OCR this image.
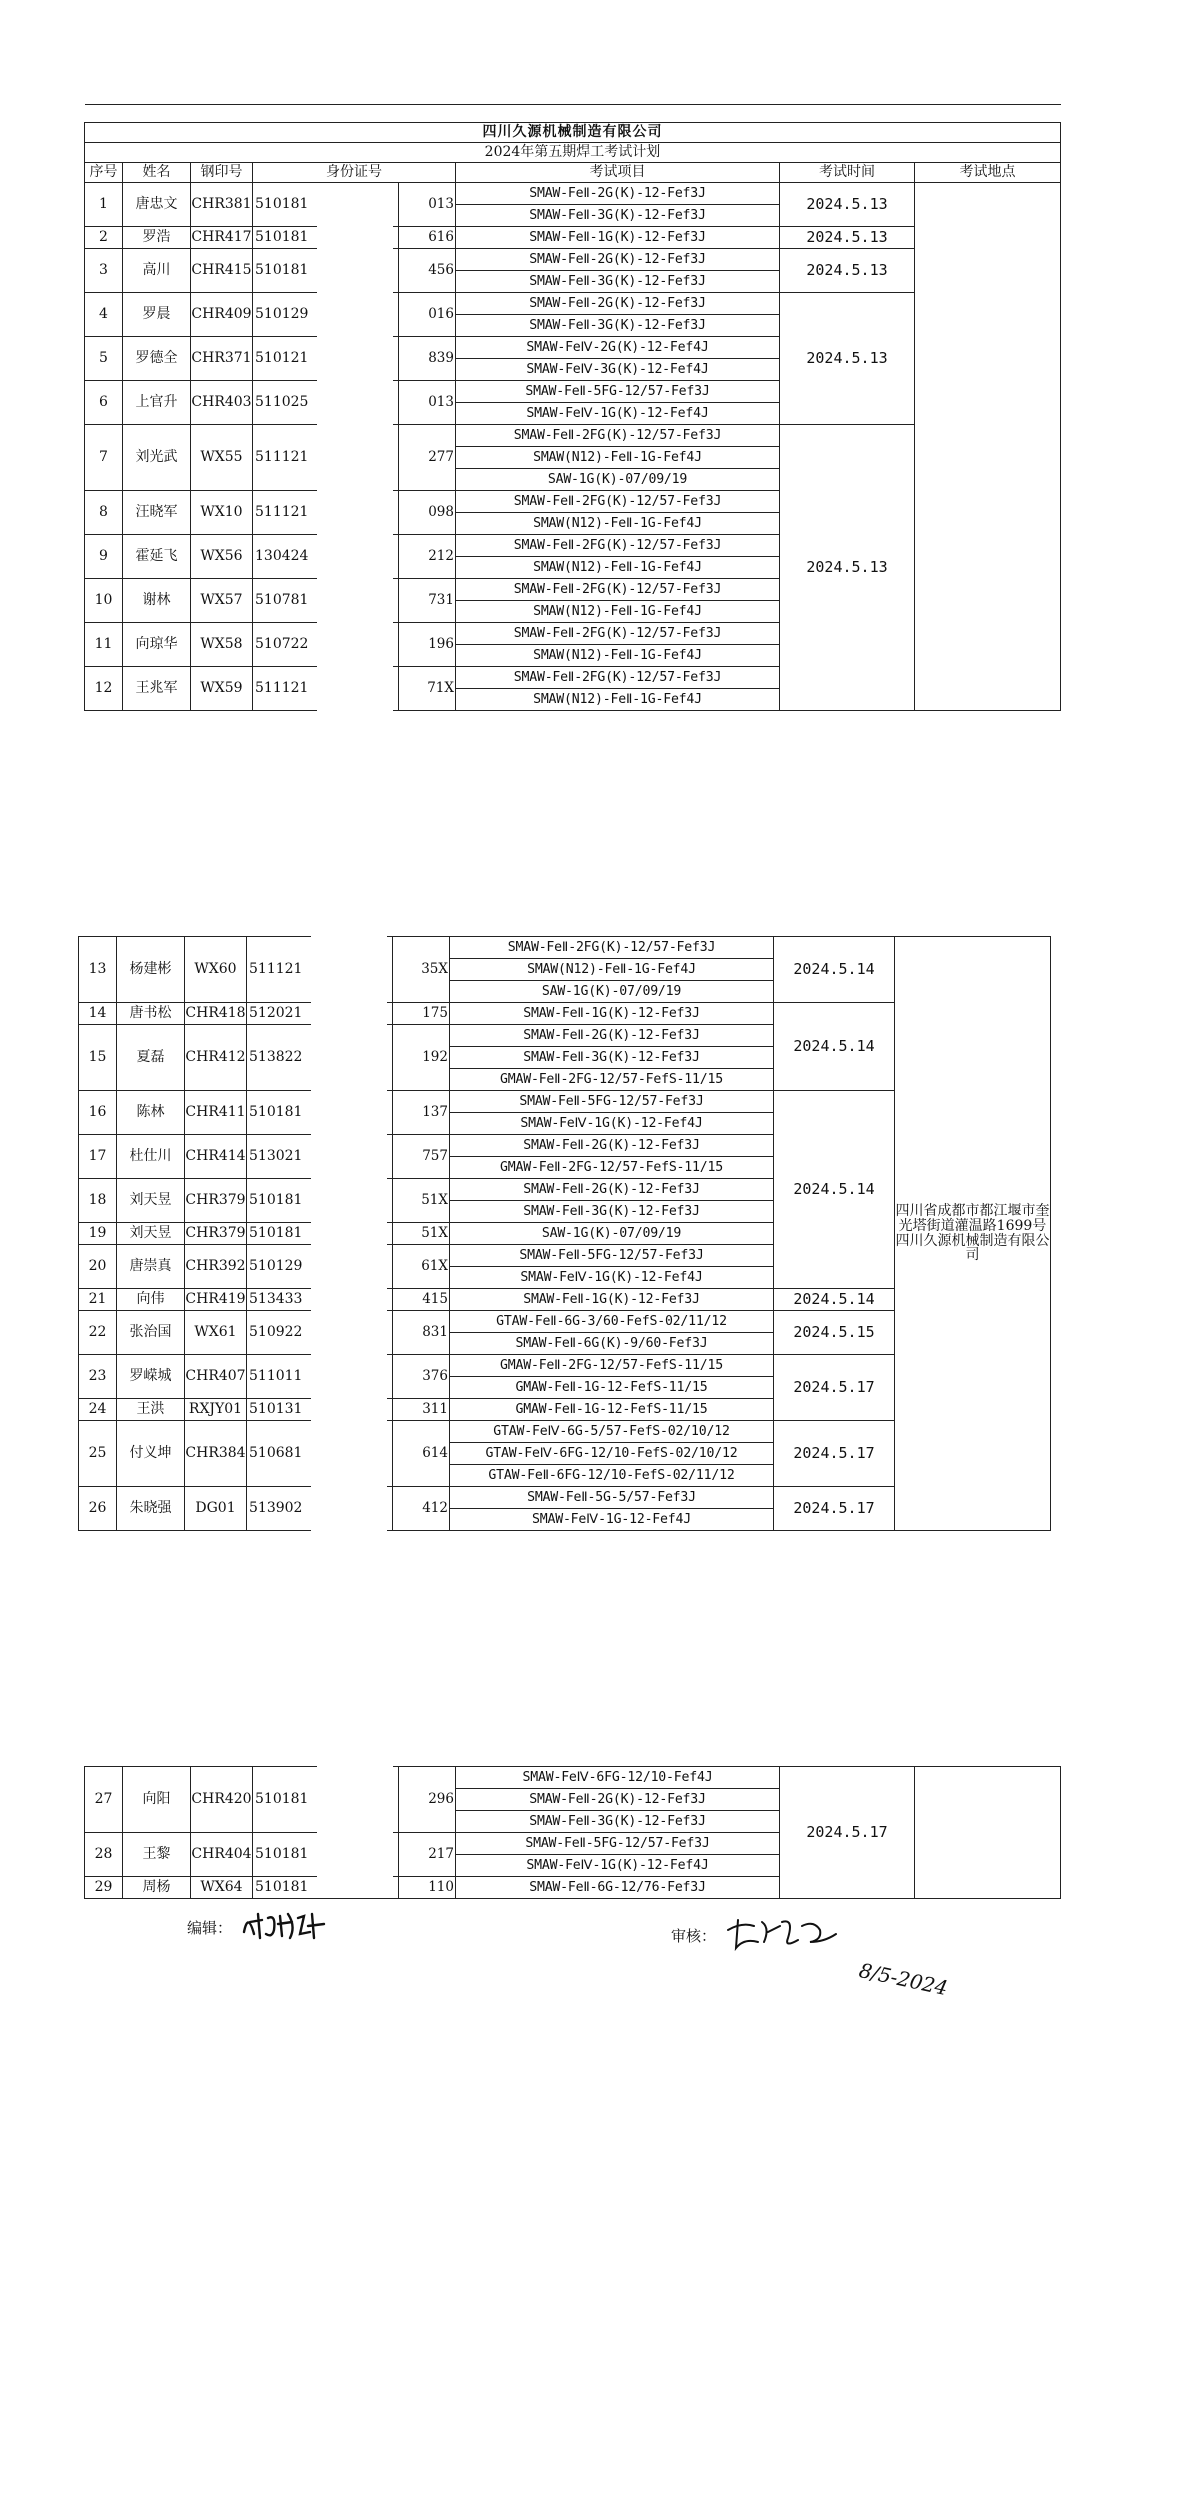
四川久源机械制造有限公司								
2024年第五期焊工考试计划								
序号	姓名	钢印号	身份证号		考试项目	考试时间	考试地点	
1	唐忠文	CHR381	510181	013	SMAW-FeⅡ-2G(K)-12-Fef3J	2024.5.13		
					SMAW-FeⅡ-3G(K)-12-Fef3J			
2	罗浩	CHR417	510181	616	SMAW-FeⅡ-1G(K)-12-Fef3J	2024.5.13		
3	高川	CHR415	510181	456	SMAW-FeⅡ-2G(K)-12-Fef3J	2024.5.13		
					SMAW-FeⅡ-3G(K)-12-Fef3J			
4	罗晨	CHR409	510129	016	SMAW-FeⅡ-2G(K)-12-Fef3J	2024.5.13		
					SMAW-FeⅡ-3G(K)-12-Fef3J			
5	罗德全	CHR371	510121	839	SMAW-FeⅣ-2G(K)-12-Fef4J			
					SMAW-FeⅣ-3G(K)-12-Fef4J			
6	上官升	CHR403	511025	013	SMAW-FeⅡ-5FG-12/57-Fef3J			
					SMAW-FeⅣ-1G(K)-12-Fef4J			
7	刘光武	WX55	511121	277	SMAW-FeⅡ-2FG(K)-12/57-Fef3J	2024.5.13		
					SMAW(N12)-FeⅡ-1G-Fef4J			
					SAW-1G(K)-07/09/19			
8	汪晓军	WX10	511121	098	SMAW-FeⅡ-2FG(K)-12/57-Fef3J			
					SMAW(N12)-FeⅡ-1G-Fef4J			
9	霍延飞	WX56	130424	212	SMAW-FeⅡ-2FG(K)-12/57-Fef3J			
					SMAW(N12)-FeⅡ-1G-Fef4J			
10	谢林	WX57	510781	731	SMAW-FeⅡ-2FG(K)-12/57-Fef3J			
					SMAW(N12)-FeⅡ-1G-Fef4J			
11	向琼华	WX58	510722	196	SMAW-FeⅡ-2FG(K)-12/57-Fef3J			
					SMAW(N12)-FeⅡ-1G-Fef4J			
12	王兆军	WX59	511121	71X	SMAW-FeⅡ-2FG(K)-12/57-Fef3J			
					SMAW(N12)-FeⅡ-1G-Fef4J			
13	杨建彬	WX60	511121	35X	SMAW-FeⅡ-2FG(K)-12/57-Fef3J	2024.5.14	四川省成都市都江堰市奎光塔街道灌温路1699号 四川久源机械制造有限公司
					SMAW(N12)-FeⅡ-1G-Fef4J		
					SAW-1G(K)-07/09/19		
14	唐书松	CHR418	512021	175	SMAW-FeⅡ-1G(K)-12-Fef3J	2024.5.14	
15	夏磊	CHR412	513822	192	SMAW-FeⅡ-2G(K)-12-Fef3J		
					SMAW-FeⅡ-3G(K)-12-Fef3J		
					GMAW-FeⅡ-2FG-12/57-FefS-11/15		
16	陈林	CHR411	510181	137	SMAW-FeⅡ-5FG-12/57-Fef3J	2024.5.14	
					SMAW-FeⅣ-1G(K)-12-Fef4J		
17	杜仕川	CHR414	513021	757	SMAW-FeⅡ-2G(K)-12-Fef3J		
					GMAW-FeⅡ-2FG-12/57-FefS-11/15		
18	刘天昱	CHR379	510181	51X	SMAW-FeⅡ-2G(K)-12-Fef3J		
					SMAW-FeⅡ-3G(K)-12-Fef3J		
19	刘天昱	CHR379	510181	51X	SAW-1G(K)-07/09/19		
20	唐崇真	CHR392	510129	61X	SMAW-FeⅡ-5FG-12/57-Fef3J		
					SMAW-FeⅣ-1G(K)-12-Fef4J		
21	向伟	CHR419	513433	415	SMAW-FeⅡ-1G(K)-12-Fef3J	2024.5.14	
22	张治国	WX61	510922	831	GTAW-FeⅡ-6G-3/60-FefS-02/11/12	2024.5.15	
					SMAW-FeⅡ-6G(K)-9/60-Fef3J		
23	罗嵘城	CHR407	511011	376	GMAW-FeⅡ-2FG-12/57-FefS-11/15	2024.5.17	
					GMAW-FeⅡ-1G-12-FefS-11/15		
24	王洪	RXJY01	510131	311	GMAW-FeⅡ-1G-12-FefS-11/15		
25	付义坤	CHR384	510681	614	GTAW-FeⅣ-6G-5/57-FefS-02/10/12	2024.5.17	
					GTAW-FeⅣ-6FG-12/10-FefS-02/10/12		
					GTAW-FeⅡ-6FG-12/10-FefS-02/11/12		
26	朱晓强	DG01	513902	412	SMAW-FeⅡ-5G-5/57-Fef3J	2024.5.17	
					SMAW-FeⅣ-1G-12-Fef4J		
27	向阳	CHR420	510181	296	SMAW-FeⅣ-6FG-12/10-Fef4J	2024.5.17	
					SMAW-FeⅡ-2G(K)-12-Fef3J		
					SMAW-FeⅡ-3G(K)-12-Fef3J		
28	王黎	CHR404	510181	217	SMAW-FeⅡ-5FG-12/57-Fef3J		
					SMAW-FeⅣ-1G(K)-12-Fef4J		
29	周杨	WX64	510181	110	SMAW-FeⅡ-6G-12/76-Fef3J		
编辑：	审核：
8/5-2024
